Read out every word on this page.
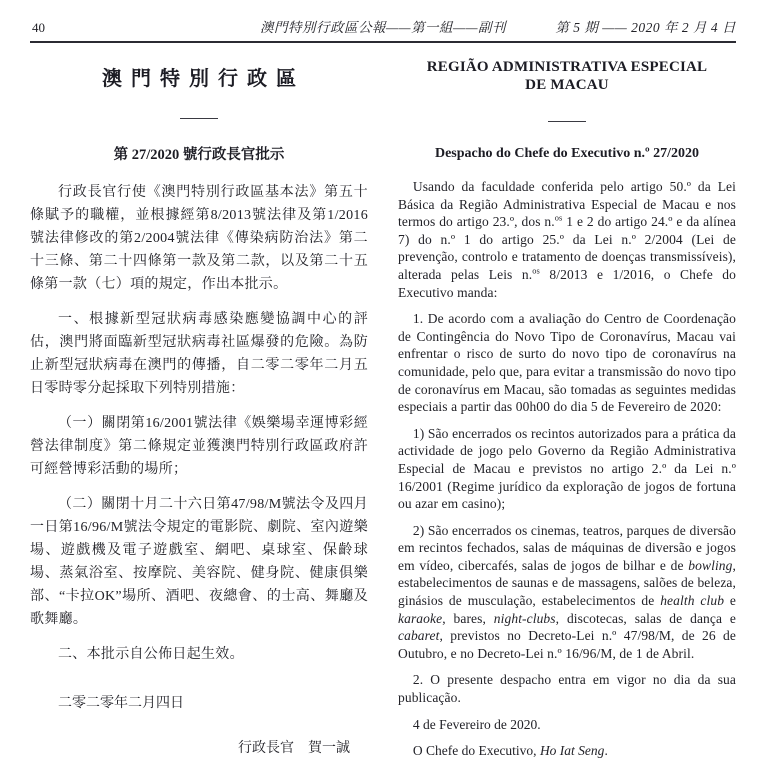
40	澳門特別行政區公報——第一組——副刊	第 5 期 —— 2020 年 2 月 4 日
澳門特別行政區
第 27/2020 號行政長官批示

行政長官行使《澳門特別行政區基本法》第五十條賦予的職權，並根據經第8/2013號法律及第1/2016號法律修改的第2/2004號法律《傳染病防治法》第二十三條、第二十四條第一款及第二款，以及第二十五條第一款（七）項的規定，作出本批示。

一、根據新型冠狀病毒感染應變協調中心的評估，澳門將面臨新型冠狀病毒社區爆發的危險。為防止新型冠狀病毒在澳門的傳播，自二零二零年二月五日零時零分起採取下列特別措施：

（一）關閉第16/2001號法律《娛樂場幸運博彩經營法律制度》第二條規定並獲澳門特別行政區政府許可經營博彩活動的場所；

（二）關閉十月二十六日第47/98/M號法令及四月一日第16/96/M號法令規定的電影院、劇院、室內遊樂場、遊戲機及電子遊戲室、網吧、桌球室、保齡球場、蒸氣浴室、按摩院、美容院、健身院、健康俱樂部、“卡拉OK”場所、酒吧、夜總會、的士高、舞廳及歌舞廳。

二、本批示自公佈日起生效。

二零二零年二月四日

行政長官　賀一誠

REGIÃO ADMINISTRATIVA ESPECIAL
DE MACAU
Despacho do Chefe do Executivo n.º 27/2020

Usando da faculdade conferida pelo artigo 50.º da Lei Básica da Região Administrativa Especial de Macau e nos termos do artigo 23.º, dos n.$^{os}$ 1 e 2 do artigo 24.º e da alínea 7) do n.º 1 do artigo 25.º da Lei n.º 2/2004 (Lei de prevenção, controlo e tratamento de doenças transmissíveis), alterada pelas Leis n.$^{os}$ 8/2013 e 1/2016, o Chefe do Executivo manda:

1. De acordo com a avaliação do Centro de Coordenação de Contingência do Novo Tipo de Coronavírus, Macau vai enfrentar o risco de surto do novo tipo de coronavírus na comunidade, pelo que, para evitar a transmissão do novo tipo de coronavírus em Macau, são tomadas as seguintes medidas especiais a partir das 00h00 do dia 5 de Fevereiro de 2020:

1) São encerrados os recintos autorizados para a prática da actividade de jogo pelo Governo da Região Administrativa Especial de Macau e previstos no artigo 2.º da Lei n.º 16/2001 (Regime jurídico da exploração de jogos de fortuna ou azar em casino);

2) São encerrados os cinemas, teatros, parques de diversão em recintos fechados, salas de máquinas de diversão e jogos em vídeo, cibercafés, salas de jogos de bilhar e de bowling, estabelecimentos de saunas e de massagens, salões de beleza, ginásios de musculação, estabelecimentos de health club e karaoke, bares, night-clubs, discotecas, salas de dança e cabaret, previstos no Decreto-Lei n.º 47/98/M, de 26 de Outubro, e no Decreto-Lei n.º 16/96/M, de 1 de Abril.

2. O presente despacho entra em vigor no dia da sua publicação.

4 de Fevereiro de 2020.

O Chefe do Executivo, Ho Iat Seng.
